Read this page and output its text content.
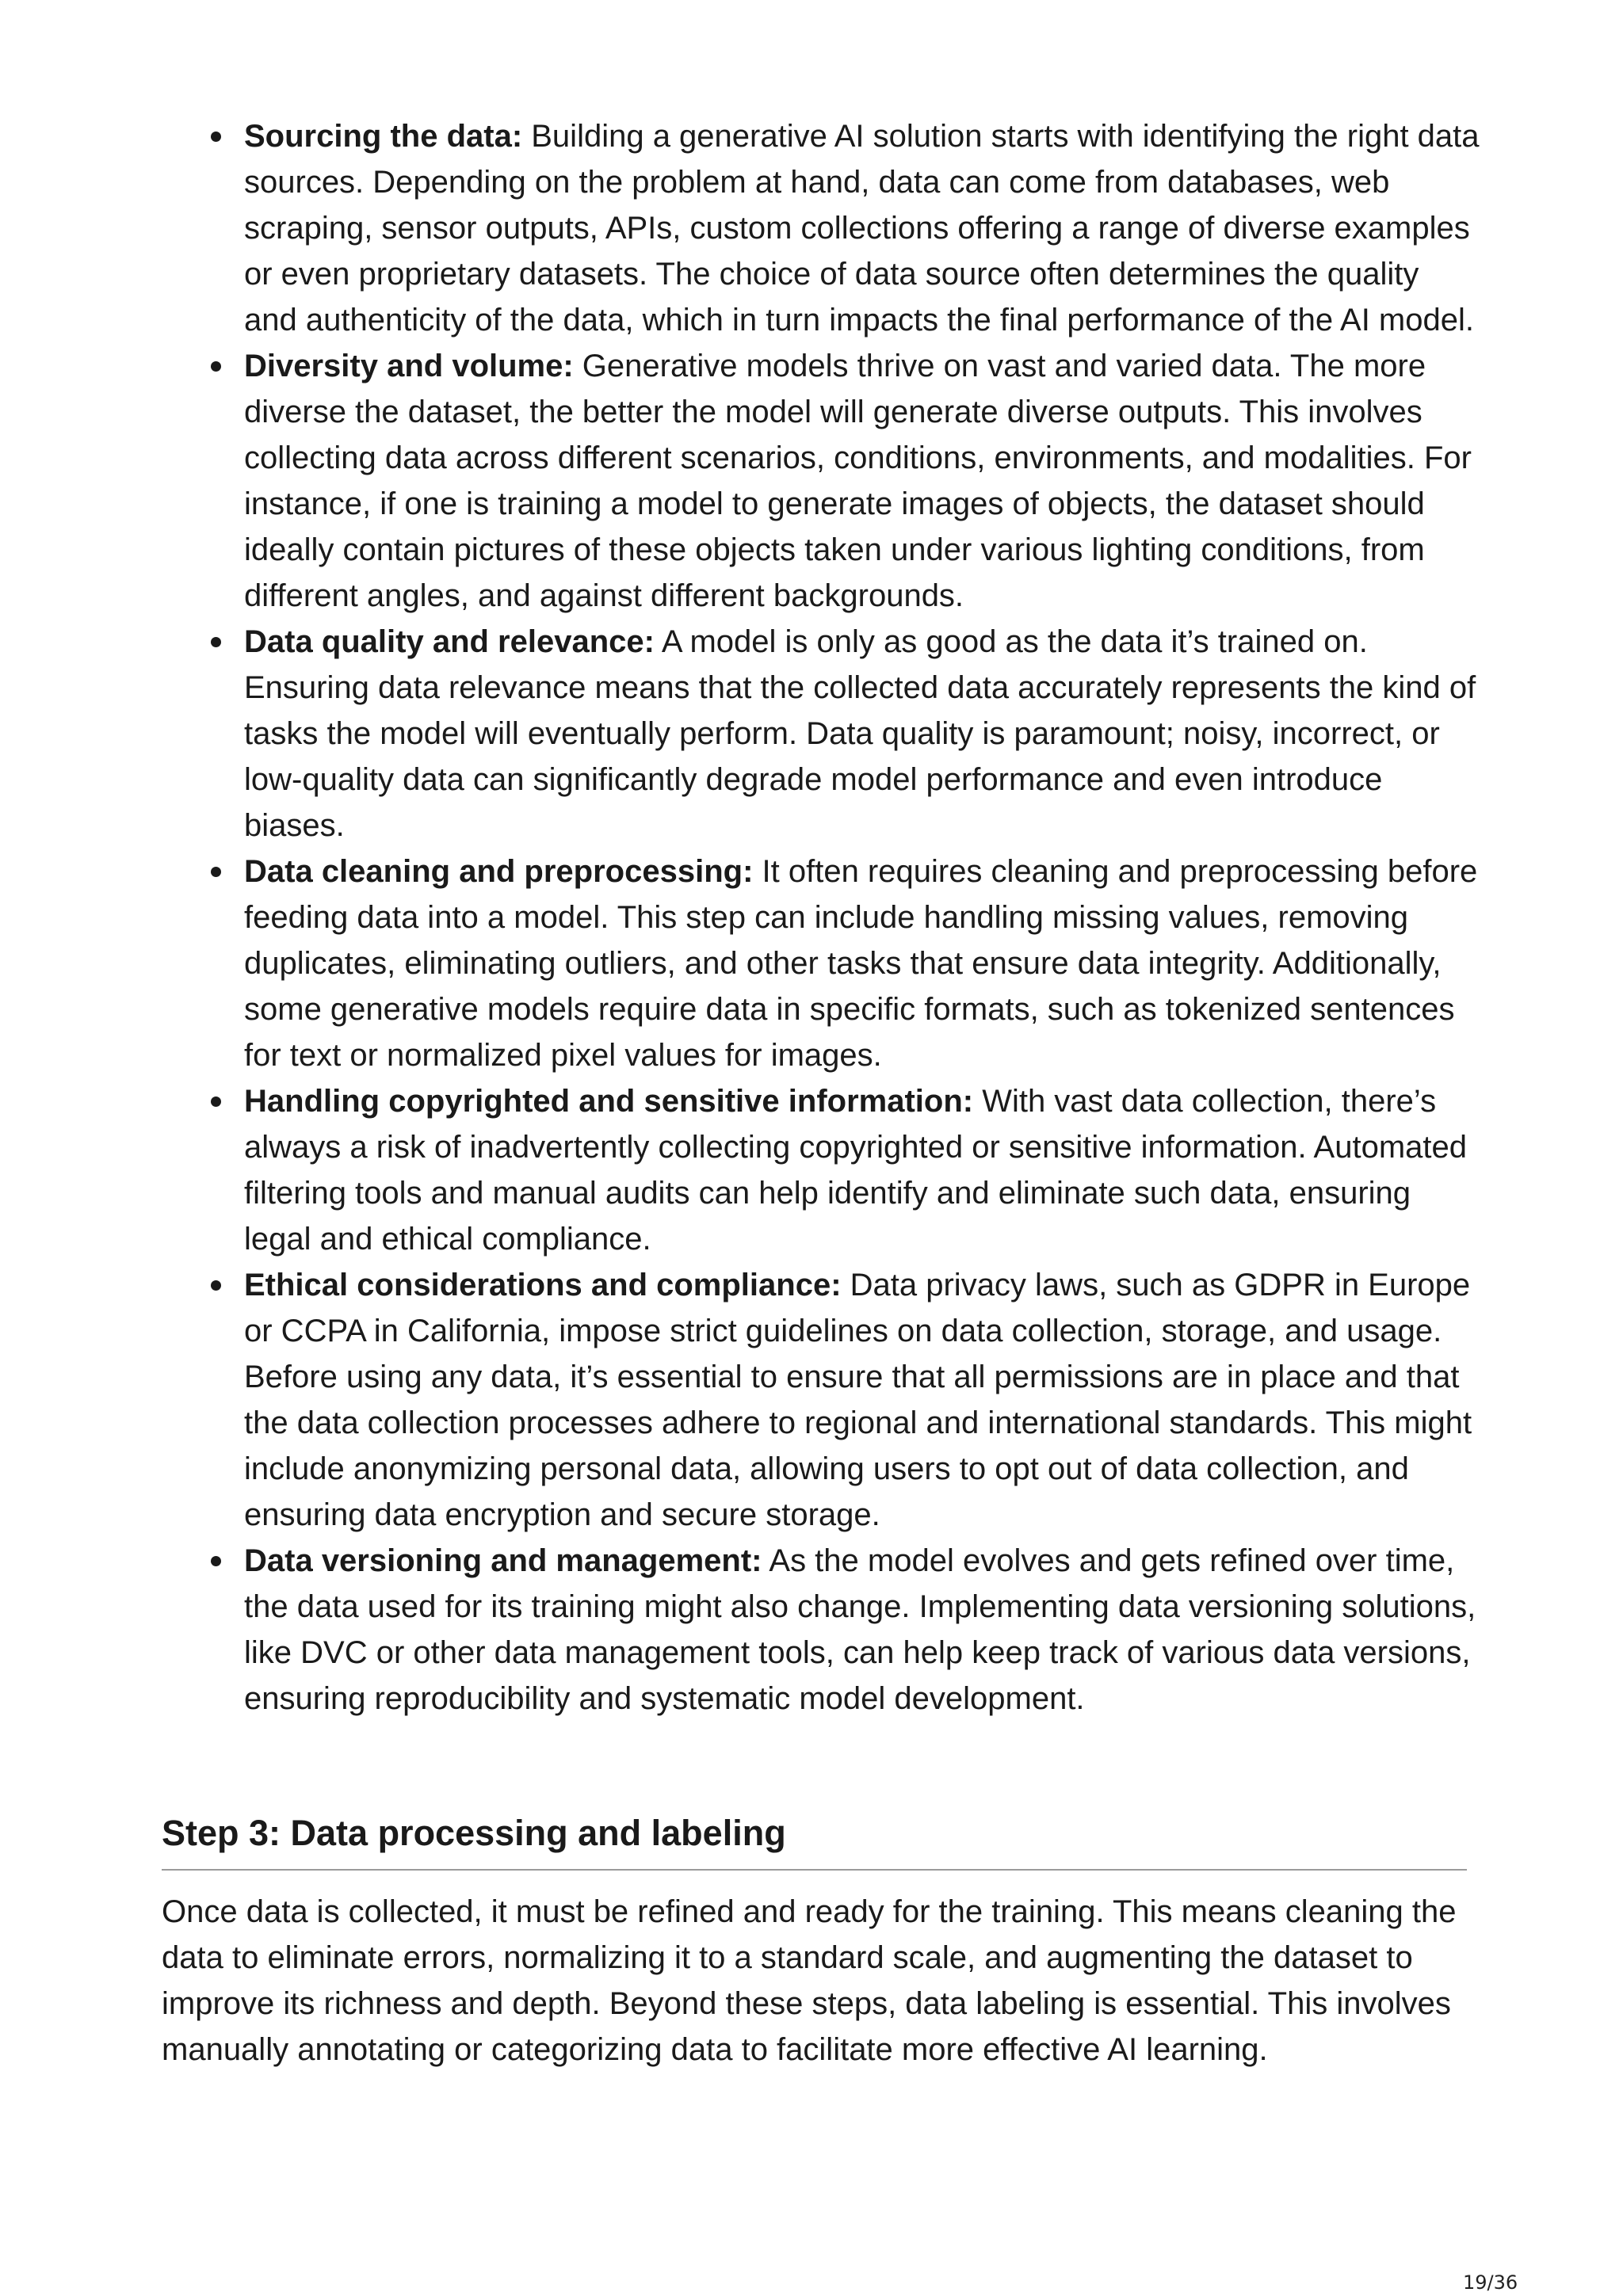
Sourcing the data: Building a generative AI solution starts with identifying the right data sources. Depending on the problem at hand, data can come from databases, web scraping, sensor outputs, APIs, custom collections offering a range of diverse examples or even proprietary datasets. The choice of data source often determines the quality and authenticity of the data, which in turn impacts the final performance of the AI model.
Diversity and volume: Generative models thrive on vast and varied data. The more diverse the dataset, the better the model will generate diverse outputs. This involves collecting data across different scenarios, conditions, environments, and modalities. For instance, if one is training a model to generate images of objects, the dataset should ideally contain pictures of these objects taken under various lighting conditions, from different angles, and against different backgrounds.
Data quality and relevance: A model is only as good as the data it’s trained on. Ensuring data relevance means that the collected data accurately represents the kind of tasks the model will eventually perform. Data quality is paramount; noisy, incorrect, or low-quality data can significantly degrade model performance and even introduce biases.
Data cleaning and preprocessing: It often requires cleaning and preprocessing before feeding data into a model. This step can include handling missing values, removing duplicates, eliminating outliers, and other tasks that ensure data integrity. Additionally, some generative models require data in specific formats, such as tokenized sentences for text or normalized pixel values for images.
Handling copyrighted and sensitive information: With vast data collection, there’s always a risk of inadvertently collecting copyrighted or sensitive information. Automated filtering tools and manual audits can help identify and eliminate such data, ensuring legal and ethical compliance.
Ethical considerations and compliance: Data privacy laws, such as GDPR in Europe or CCPA in California, impose strict guidelines on data collection, storage, and usage. Before using any data, it’s essential to ensure that all permissions are in place and that the data collection processes adhere to regional and international standards. This might include anonymizing personal data, allowing users to opt out of data collection, and ensuring data encryption and secure storage.
Data versioning and management: As the model evolves and gets refined over time, the data used for its training might also change. Implementing data versioning solutions, like DVC or other data management tools, can help keep track of various data versions, ensuring reproducibility and systematic model development.
Step 3: Data processing and labeling

Once data is collected, it must be refined and ready for the training. This means cleaning the data to eliminate errors, normalizing it to a standard scale, and augmenting the dataset to improve its richness and depth. Beyond these steps, data labeling is essential. This involves manually annotating or categorizing data to facilitate more effective AI learning.

19/36
